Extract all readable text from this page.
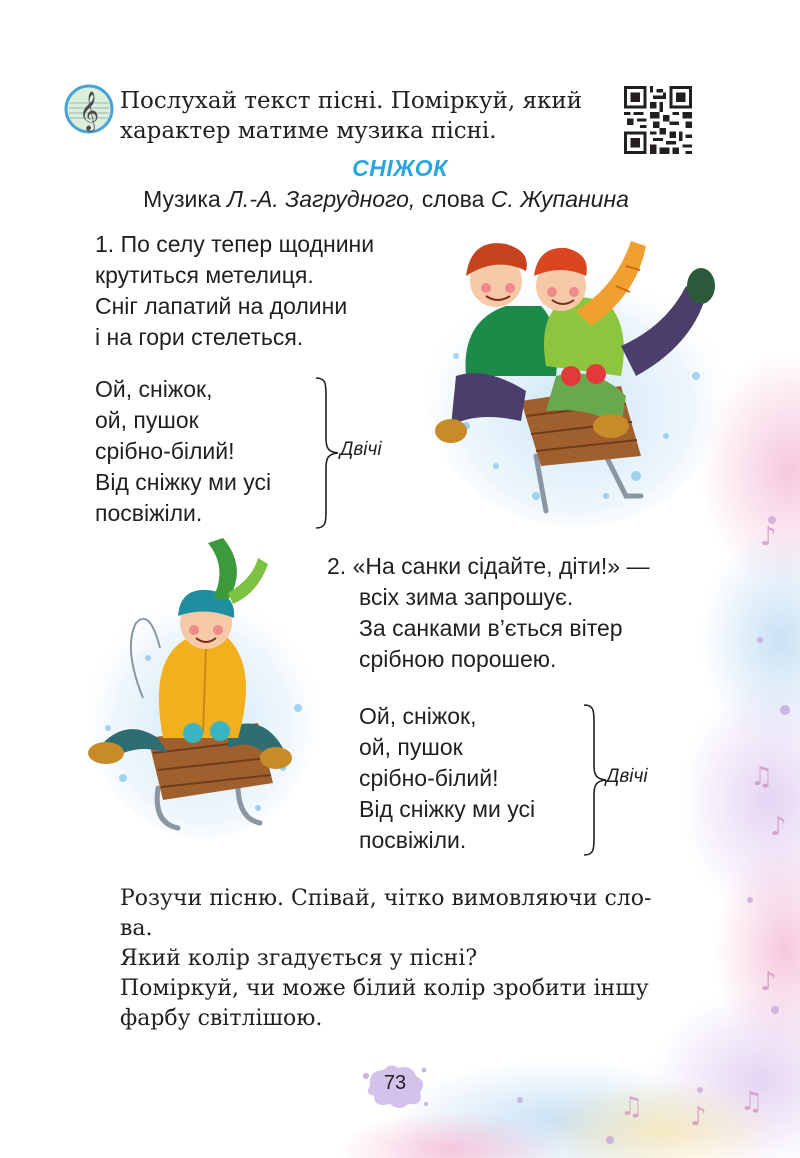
♪
♪
♫
♪
♫
♪
♫
𝄞 Послухай текст пісні. Поміркуй, який
характер матиме музика пісні.
СНІЖОК
Музика Л.-А. Загрудного, слова С. Жупанина
1. По селу тепер щоднини
крутиться метелиця.
Сніг лапатий на долини
і на гори стелеться.
Ой, сніжок,
ой, пушок
срібно-білий!
Від сніжку ми усі
посвіжіли.
Двічі
2. «На санки сідайте, діти!» —
всіх зима запрошує.
За санками в’ється вітер
срібною порошею.
Ой, сніжок,
ой, пушок
срібно-білий!
Від сніжку ми усі
посвіжіли.
Двічі
Розучи пісню. Співай, чітко вимовляючи сло-
ва.
Який колір згадується у пісні?
Поміркуй, чи може білий колір зробити іншу
фарбу світлішою.
73
